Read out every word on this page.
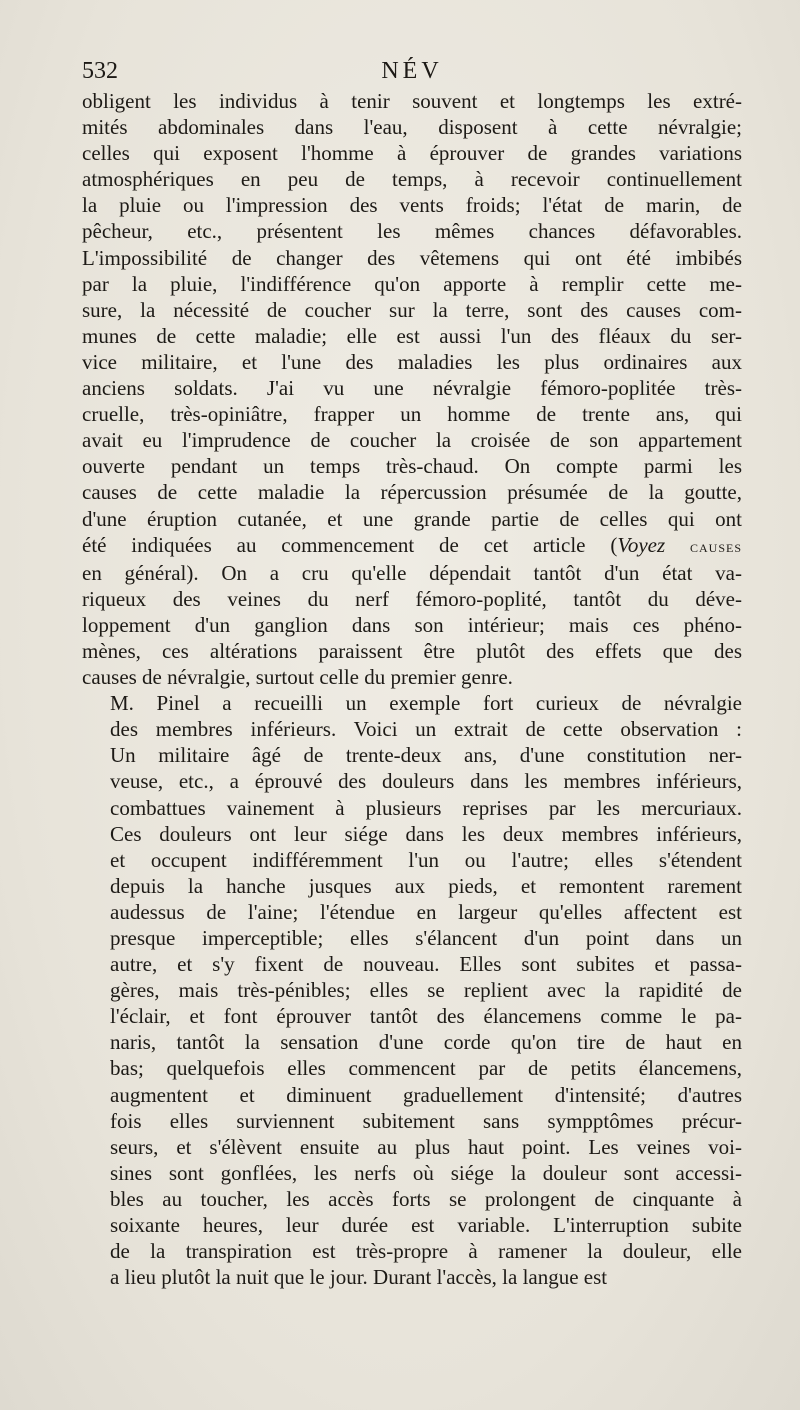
532	NÉV
obligent les individus à tenir souvent et longtemps les extré-
mités abdominales dans l'eau, disposent à cette névralgie;
celles qui exposent l'homme à éprouver de grandes variations
atmosphériques en peu de temps, à recevoir continuellement
la pluie ou l'impression des vents froids; l'état de marin, de
pêcheur, etc., présentent les mêmes chances défavorables.
L'impossibilité de changer des vêtemens qui ont été imbibés
par la pluie, l'indifférence qu'on apporte à remplir cette me-
sure, la nécessité de coucher sur la terre, sont des causes com-
munes de cette maladie; elle est aussi l'un des fléaux du ser-
vice militaire, et l'une des maladies les plus ordinaires aux
anciens soldats. J'ai vu une névralgie fémoro-poplitée très-
cruelle, très-opiniâtre, frapper un homme de trente ans, qui
avait eu l'imprudence de coucher la croisée de son appartement
ouverte pendant un temps très-chaud. On compte parmi les
causes de cette maladie la répercussion présumée de la goutte,
d'une éruption cutanée, et une grande partie de celles qui ont
été indiquées au commencement de cet article (Voyez causes
en général). On a cru qu'elle dépendait tantôt d'un état va-
riqueux des veines du nerf fémoro-poplité, tantôt du déve-
loppement d'un ganglion dans son intérieur; mais ces phéno-
mènes, ces altérations paraissent être plutôt des effets que des
causes de névralgie, surtout celle du premier genre.
M. Pinel a recueilli un exemple fort curieux de névralgie
des membres inférieurs. Voici un extrait de cette observation :
Un militaire âgé de trente-deux ans, d'une constitution ner-
veuse, etc., a éprouvé des douleurs dans les membres inférieurs,
combattues vainement à plusieurs reprises par les mercuriaux.
Ces douleurs ont leur siége dans les deux membres inférieurs,
et occupent indifféremment l'un ou l'autre; elles s'étendent
depuis la hanche jusques aux pieds, et remontent rarement
audessus de l'aine; l'étendue en largeur qu'elles affectent est
presque imperceptible; elles s'élancent d'un point dans un
autre, et s'y fixent de nouveau. Elles sont subites et passa-
gères, mais très-pénibles; elles se replient avec la rapidité de
l'éclair, et font éprouver tantôt des élancemens comme le pa-
naris, tantôt la sensation d'une corde qu'on tire de haut en
bas; quelquefois elles commencent par de petits élancemens,
augmentent et diminuent graduellement d'intensité; d'autres
fois elles surviennent subitement sans sympptômes précur-
seurs, et s'élèvent ensuite au plus haut point. Les veines voi-
sines sont gonflées, les nerfs où siége la douleur sont accessi-
bles au toucher, les accès forts se prolongent de cinquante à
soixante heures, leur durée est variable. L'interruption subite
de la transpiration est très-propre à ramener la douleur, elle
a lieu plutôt la nuit que le jour. Durant l'accès, la langue est
